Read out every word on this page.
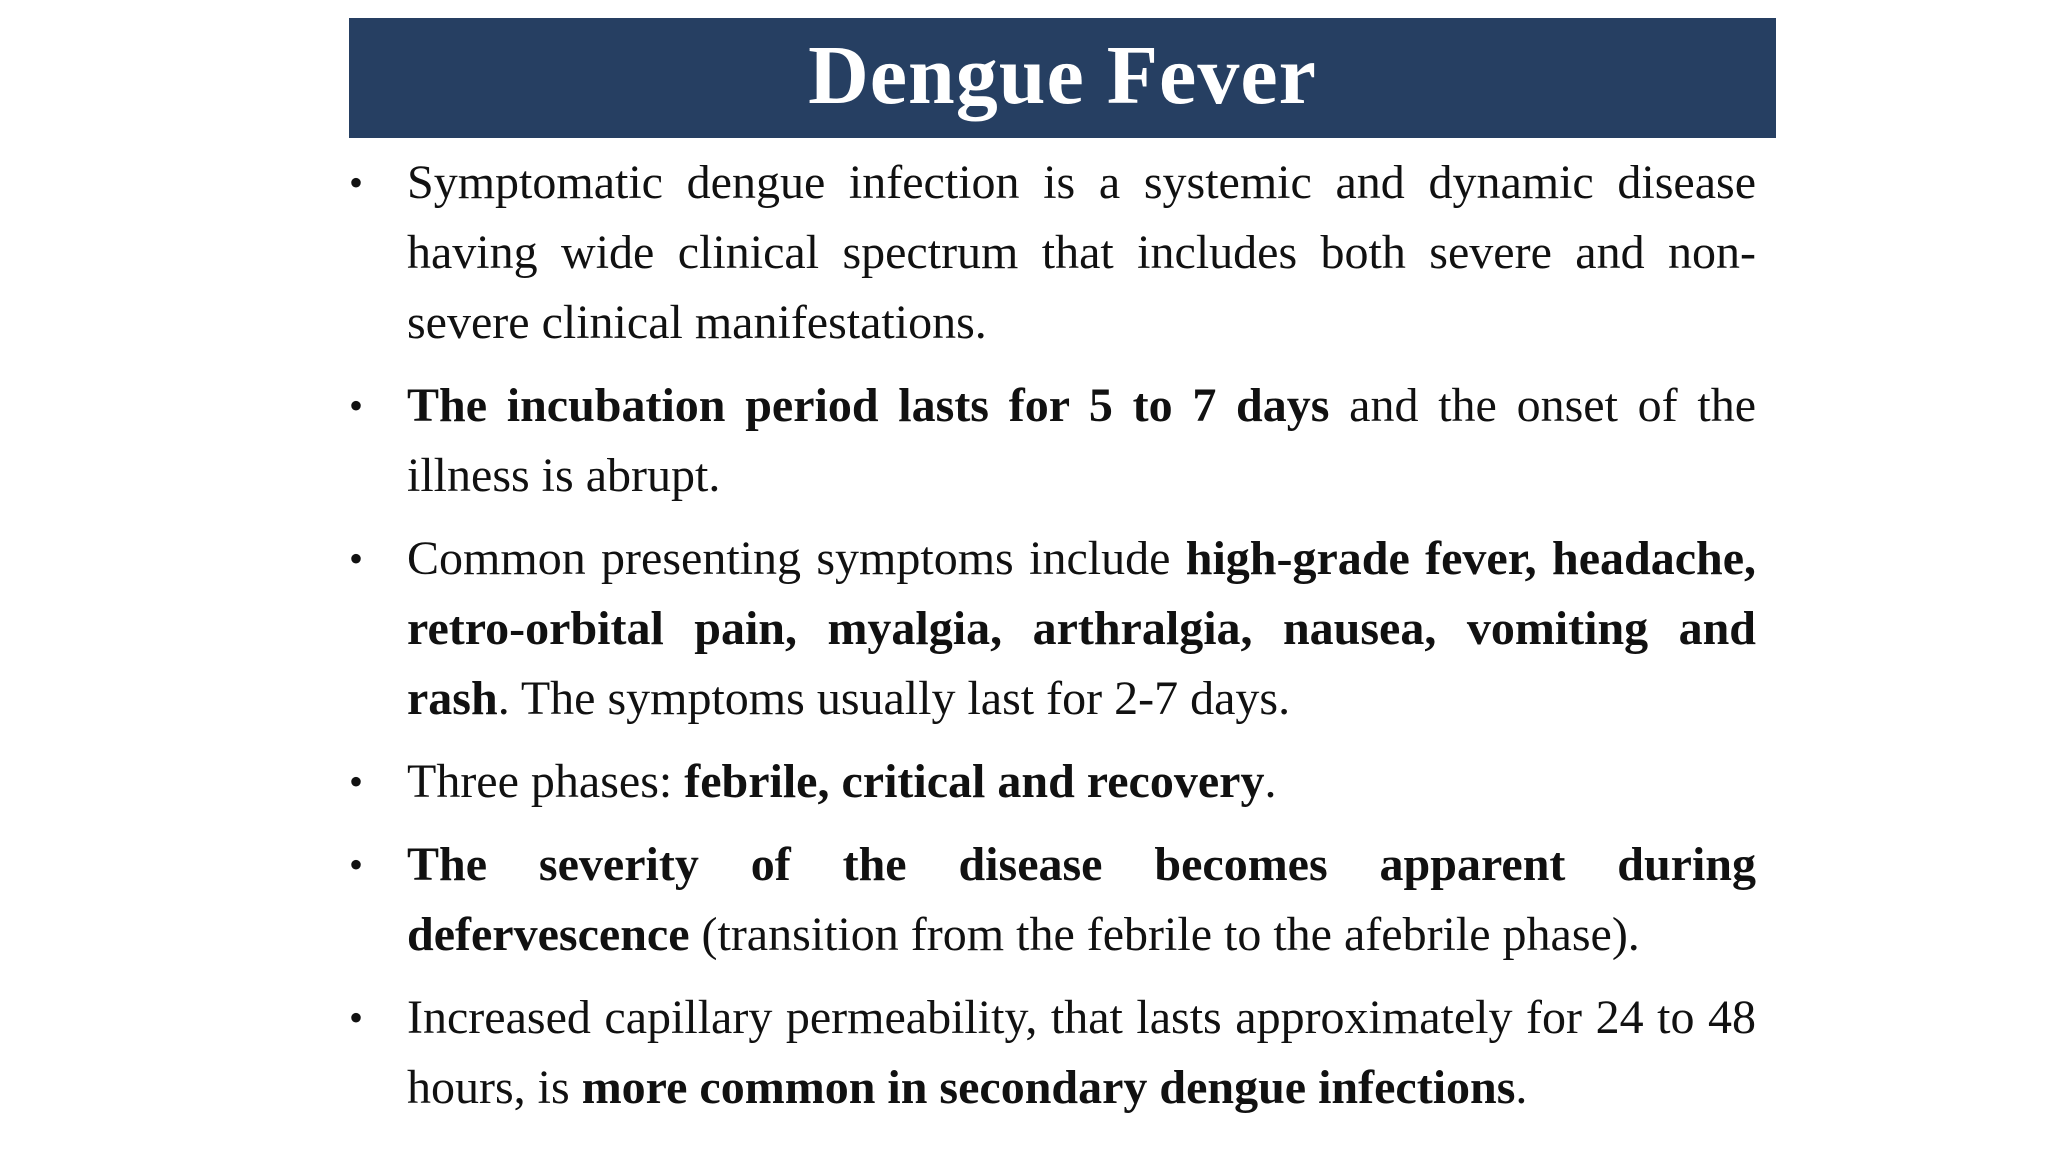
Dengue Fever
• Symptomatic dengue infection is a systemic and dynamic disease having wide clinical spectrum that includes both severe and non-severe clinical manifestations.
• The incubation period lasts for 5 to 7 days and the onset of the illness is abrupt.
• Common presenting symptoms include high-grade fever, headache, retro-orbital pain, myalgia, arthralgia, nausea, vomiting and rash. The symptoms usually last for 2-7 days.
• Three phases: febrile, critical and recovery.
• The severity of the disease becomes apparent during defervescence (transition from the febrile to the afebrile phase).
• Increased capillary permeability, that lasts approximately for 24 to 48 hours, is more common in secondary dengue infections.
